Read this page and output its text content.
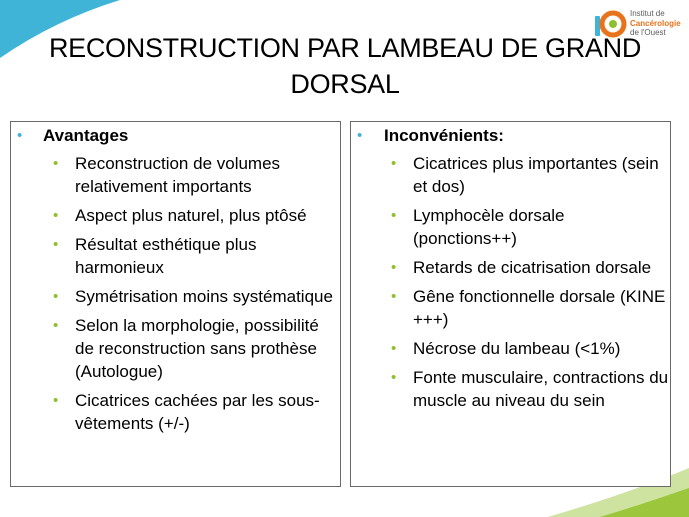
Institut de
Cancérologie
de l'Ouest
RECONSTRUCTION PAR LAMBEAU DE GRAND DORSAL
• Avantages
• Reconstruction de volumes relativement importants
• Aspect plus naturel, plus ptôsé
• Résultat esthétique plus harmonieux
• Symétrisation moins systématique
• Selon la morphologie, possibilité de reconstruction sans prothèse (Autologue)
• Cicatrices cachées par les sous-vêtements (+/-)
• Inconvénients:
• Cicatrices plus importantes (sein et dos)
• Lymphocèle dorsale (ponctions++)
• Retards de cicatrisation dorsale
• Gêne fonctionnelle dorsale (KINE +++)
• Nécrose du lambeau (<1%)
• Fonte musculaire, contractions du muscle au niveau du sein
